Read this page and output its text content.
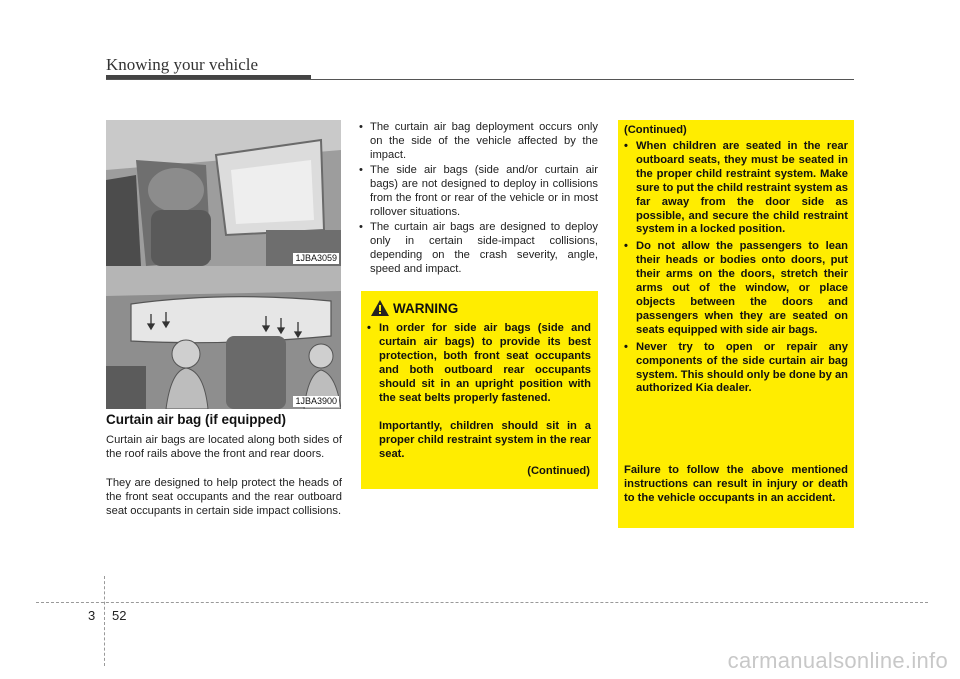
Knowing your vehicle
1JBA3059
1JBA3900
Curtain air bag (if equipped)

Curtain air bags are located along both sides of the roof rails above the front and rear doors.

They are designed to help protect the heads of the front seat occupants and the rear outboard seat occupants in certain side impact collisions.

• The curtain air bag deployment occurs only on the side of the vehicle affected by the impact.
• The side air bags (side and/or curtain air bags) are not designed to deploy in collisions from the front or rear of the vehicle or in most rollover situations.
• The curtain air bags are designed to deploy only in certain side-impact collisions, depending on the crash severity, angle, speed and impact.
WARNING
• In order for side air bags (side and curtain air bags) to provide its best protection, both front seat occupants and both outboard rear occupants should sit in an upright position with the seat belts properly fastened.
Importantly, children should sit in a proper child restraint system in the rear seat.
(Continued)
(Continued)
• When children are seated in the rear outboard seats, they must be seated in the proper child restraint system. Make sure to put the child restraint system as far away from the door side as possible, and secure the child restraint system in a locked position.
• Do not allow the passengers to lean their heads or bodies onto doors, put their arms on the doors, stretch their arms out of the window, or place objects between the doors and passengers when they are seated on seats equipped with side air bags.
• Never try to open or repair any components of the side curtain air bag system. This should only be done by an authorized Kia dealer.
Failure to follow the above mentioned instructions can result in injury or death to the vehicle occupants in an accident.
3 52
carmanualsonline.info
